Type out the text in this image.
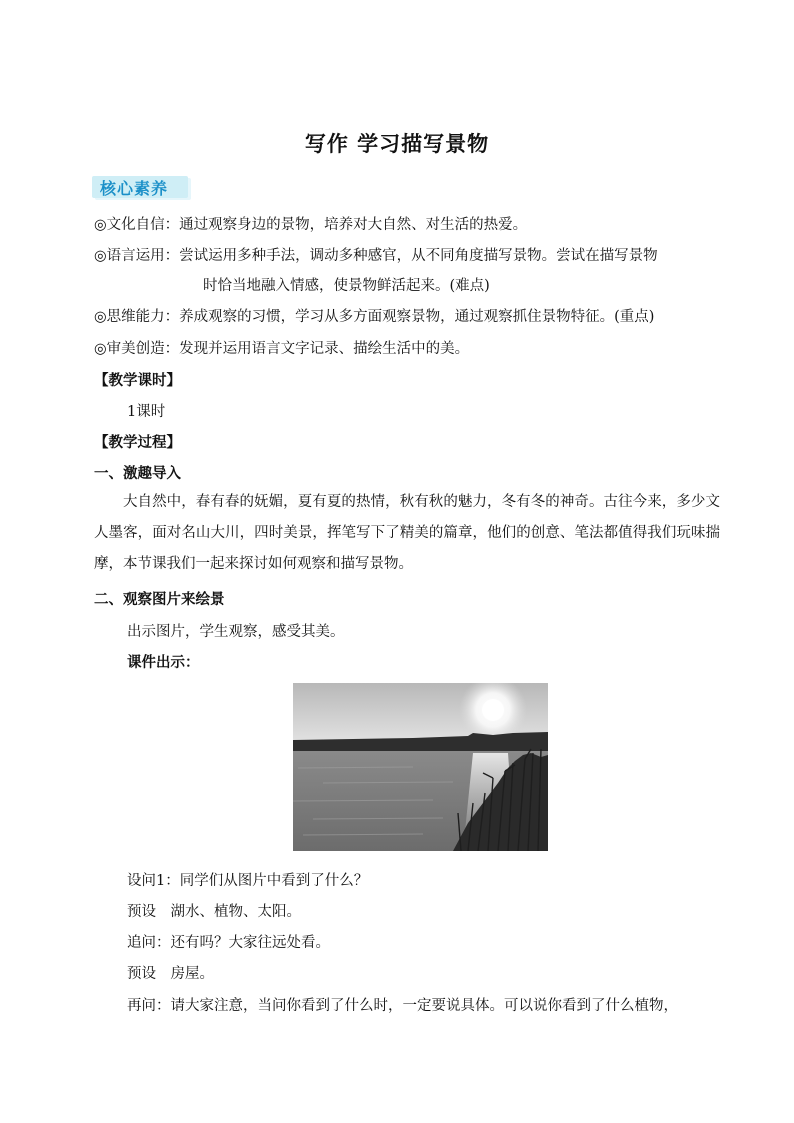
写作 学习描写景物
核心素养
◎文化自信：通过观察身边的景物，培养对大自然、对生活的热爱。
◎语言运用：尝试运用多种手法，调动多种感官，从不同角度描写景物。尝试在描写景物
时恰当地融入情感，使景物鲜活起来。(难点)
◎思维能力：养成观察的习惯，学习从多方面观察景物，通过观察抓住景物特征。(重点)
◎审美创造：发现并运用语言文字记录、描绘生活中的美。
【教学课时】
1课时
【教学过程】
一、激趣导入
大自然中，春有春的妩媚，夏有夏的热情，秋有秋的魅力，冬有冬的神奇。古往今来，多少文人墨客，面对名山大川，四时美景，挥笔写下了精美的篇章，他们的创意、笔法都值得我们玩味揣摩，本节课我们一起来探讨如何观察和描写景物。
二、观察图片来绘景
出示图片，学生观察，感受其美。
课件出示：
设问1：同学们从图片中看到了什么？
预设　湖水、植物、太阳。
追问：还有吗？大家往远处看。
预设　房屋。
再问：请大家注意，当问你看到了什么时，一定要说具体。可以说你看到了什么植物，
